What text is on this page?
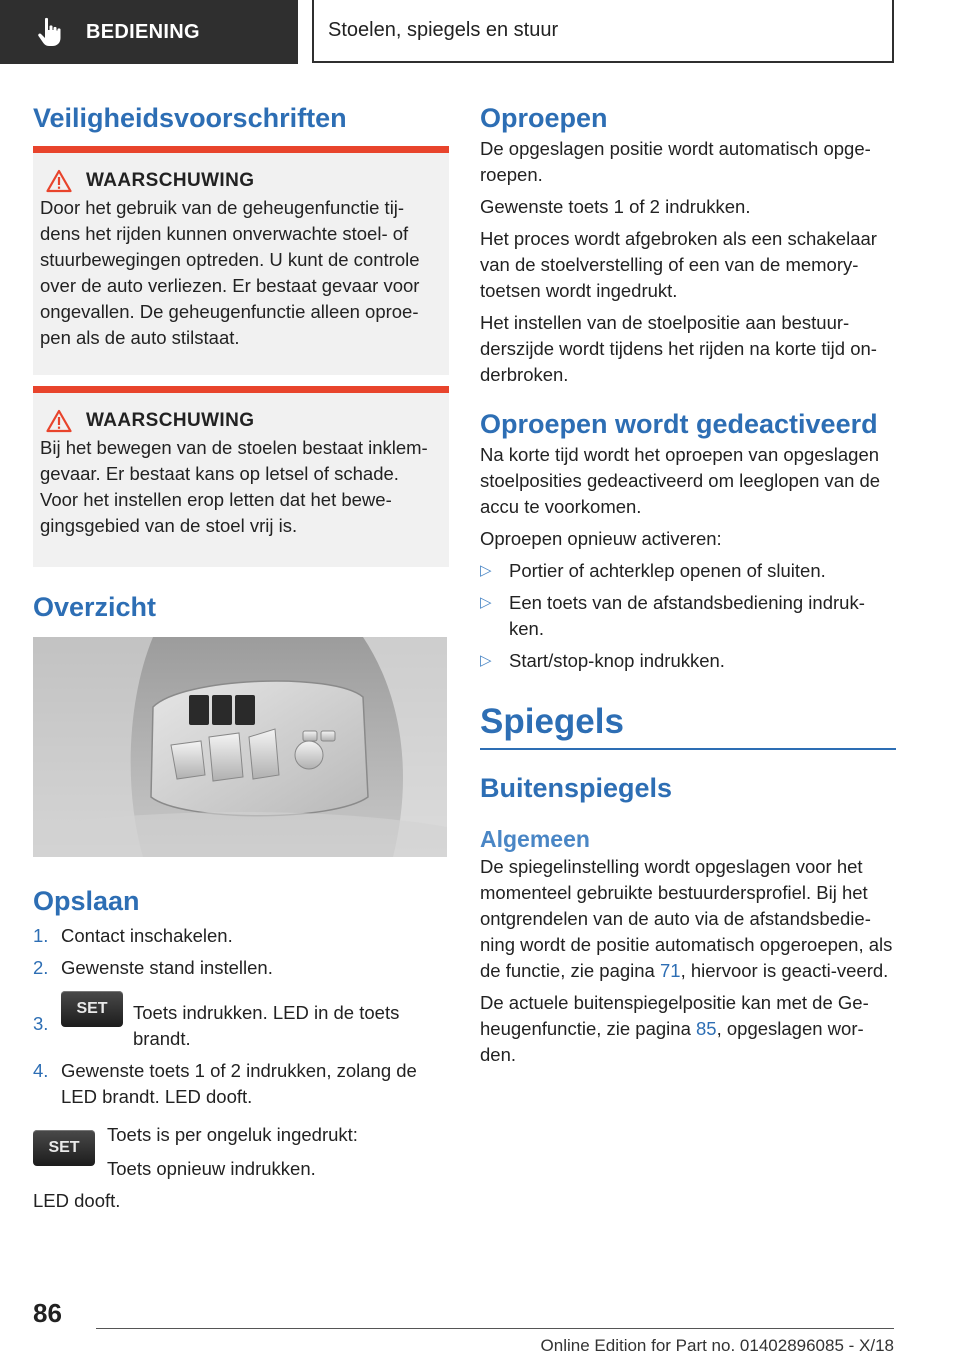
BEDIENING	Stoelen, spiegels en stuur
Veiligheidsvoorschriften
WAARSCHUWING

Door het gebruik van de geheugenfunctie tij-dens het rijden kunnen onverwachte stoel- of stuurbewegingen optreden. U kunt de controle over de auto verliezen. Er bestaat gevaar voor ongevallen. De geheugenfunctie alleen oproe-pen als de auto stilstaat.

WAARSCHUWING

Bij het bewegen van de stoelen bestaat inklem-gevaar. Er bestaat kans op letsel of schade. Voor het instellen erop letten dat het bewe-gingsgebied van de stoel vrij is.

Overzicht
Opslaan
1. Contact inschakelen.
2. Gewenste stand instellen.
3.
SET	Toets indrukken. LED in de toets brandt.
4. Gewenste toets 1 of 2 indrukken, zolang de LED brandt. LED dooft.
SET

Toets is per ongeluk ingedrukt:

Toets opnieuw indrukken.

LED dooft.

Oproepen

De opgeslagen positie wordt automatisch opge-roepen.

Gewenste toets 1 of 2 indrukken.

Het proces wordt afgebroken als een schakelaar van de stoelverstelling of een van de memory-toetsen wordt ingedrukt.

Het instellen van de stoelpositie aan bestuur-derszijde wordt tijdens het rijden na korte tijd on-derbroken.

Oproepen wordt gedeactiveerd

Na korte tijd wordt het oproepen van opgeslagen stoelposities gedeactiveerd om leeglopen van de accu te voorkomen.

Oproepen opnieuw activeren:

▷ Portier of achterklep openen of sluiten.
▷ Een toets van de afstandsbediening indruk-ken.
▷ Start/stop-knop indrukken.
Spiegels
Buitenspiegels
Algemeen

De spiegelinstelling wordt opgeslagen voor het momenteel gebruikte bestuurdersprofiel. Bij het ontgrendelen van de auto via de afstandsbedie-ning wordt de positie automatisch opgeroepen, als de functie, zie pagina 71, hiervoor is geacti-veerd.

De actuele buitenspiegelpositie kan met de Ge-heugenfunctie, zie pagina 85, opgeslagen wor-den.

86
Online Edition for Part no. 01402896085 - X/18
